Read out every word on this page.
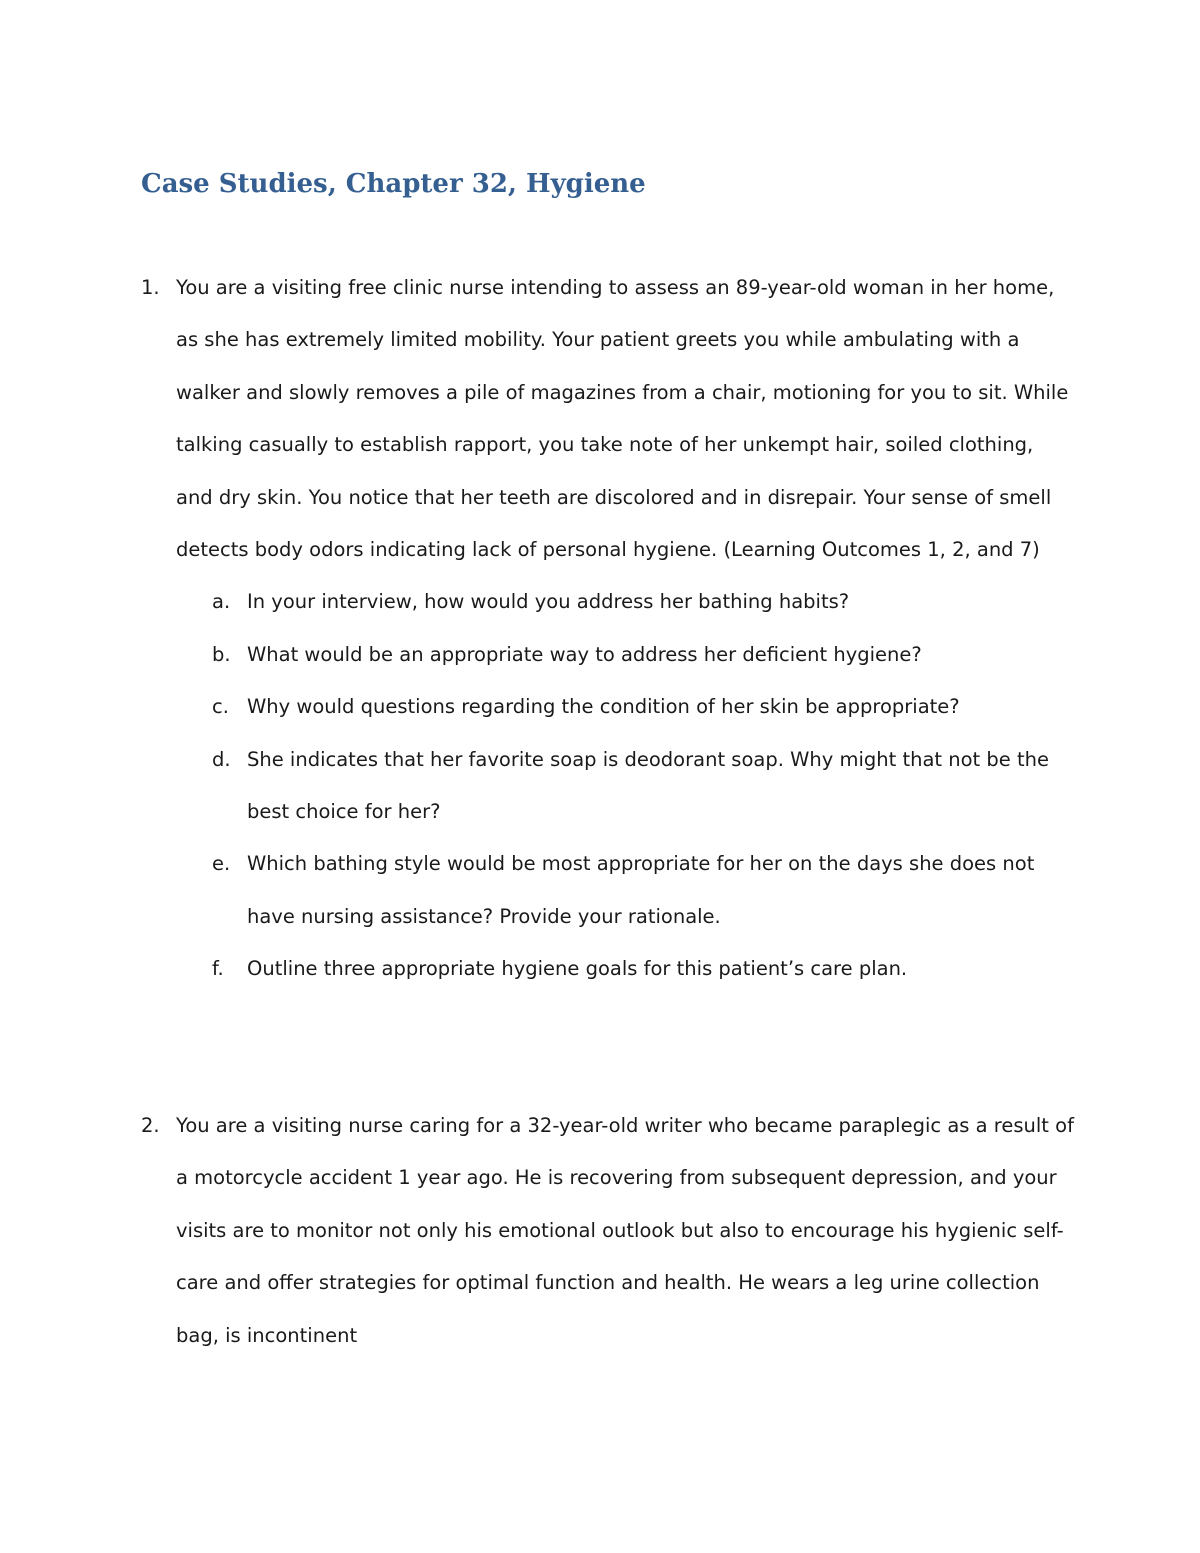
Case Studies, Chapter 32, Hygiene
1. You are a visiting free clinic nurse intending to assess an 89-year-old woman in her home, as she has extremely limited mobility. Your patient greets you while ambulating with a walker and slowly removes a pile of magazines from a chair, motioning for you to sit. While talking casually to establish rapport, you take note of her unkempt hair, soiled clothing, and dry skin. You notice that her teeth are discolored and in disrepair. Your sense of smell detects body odors indicating lack of personal hygiene. (Learning Outcomes 1, 2, and 7)
a. In your interview, how would you address her bathing habits?
b. What would be an appropriate way to address her deficient hygiene?
c. Why would questions regarding the condition of her skin be appropriate?
d. She indicates that her favorite soap is deodorant soap. Why might that not be the best choice for her?
e. Which bathing style would be most appropriate for her on the days she does not have nursing assistance? Provide your rationale.
f. Outline three appropriate hygiene goals for this patient’s care plan.
2. You are a visiting nurse caring for a 32-year-old writer who became paraplegic as a result of a motorcycle accident 1 year ago. He is recovering from subsequent depression, and your visits are to monitor not only his emotional outlook but also to encourage his hygienic self-care and offer strategies for optimal function and health. He wears a leg urine collection bag, is incontinent
